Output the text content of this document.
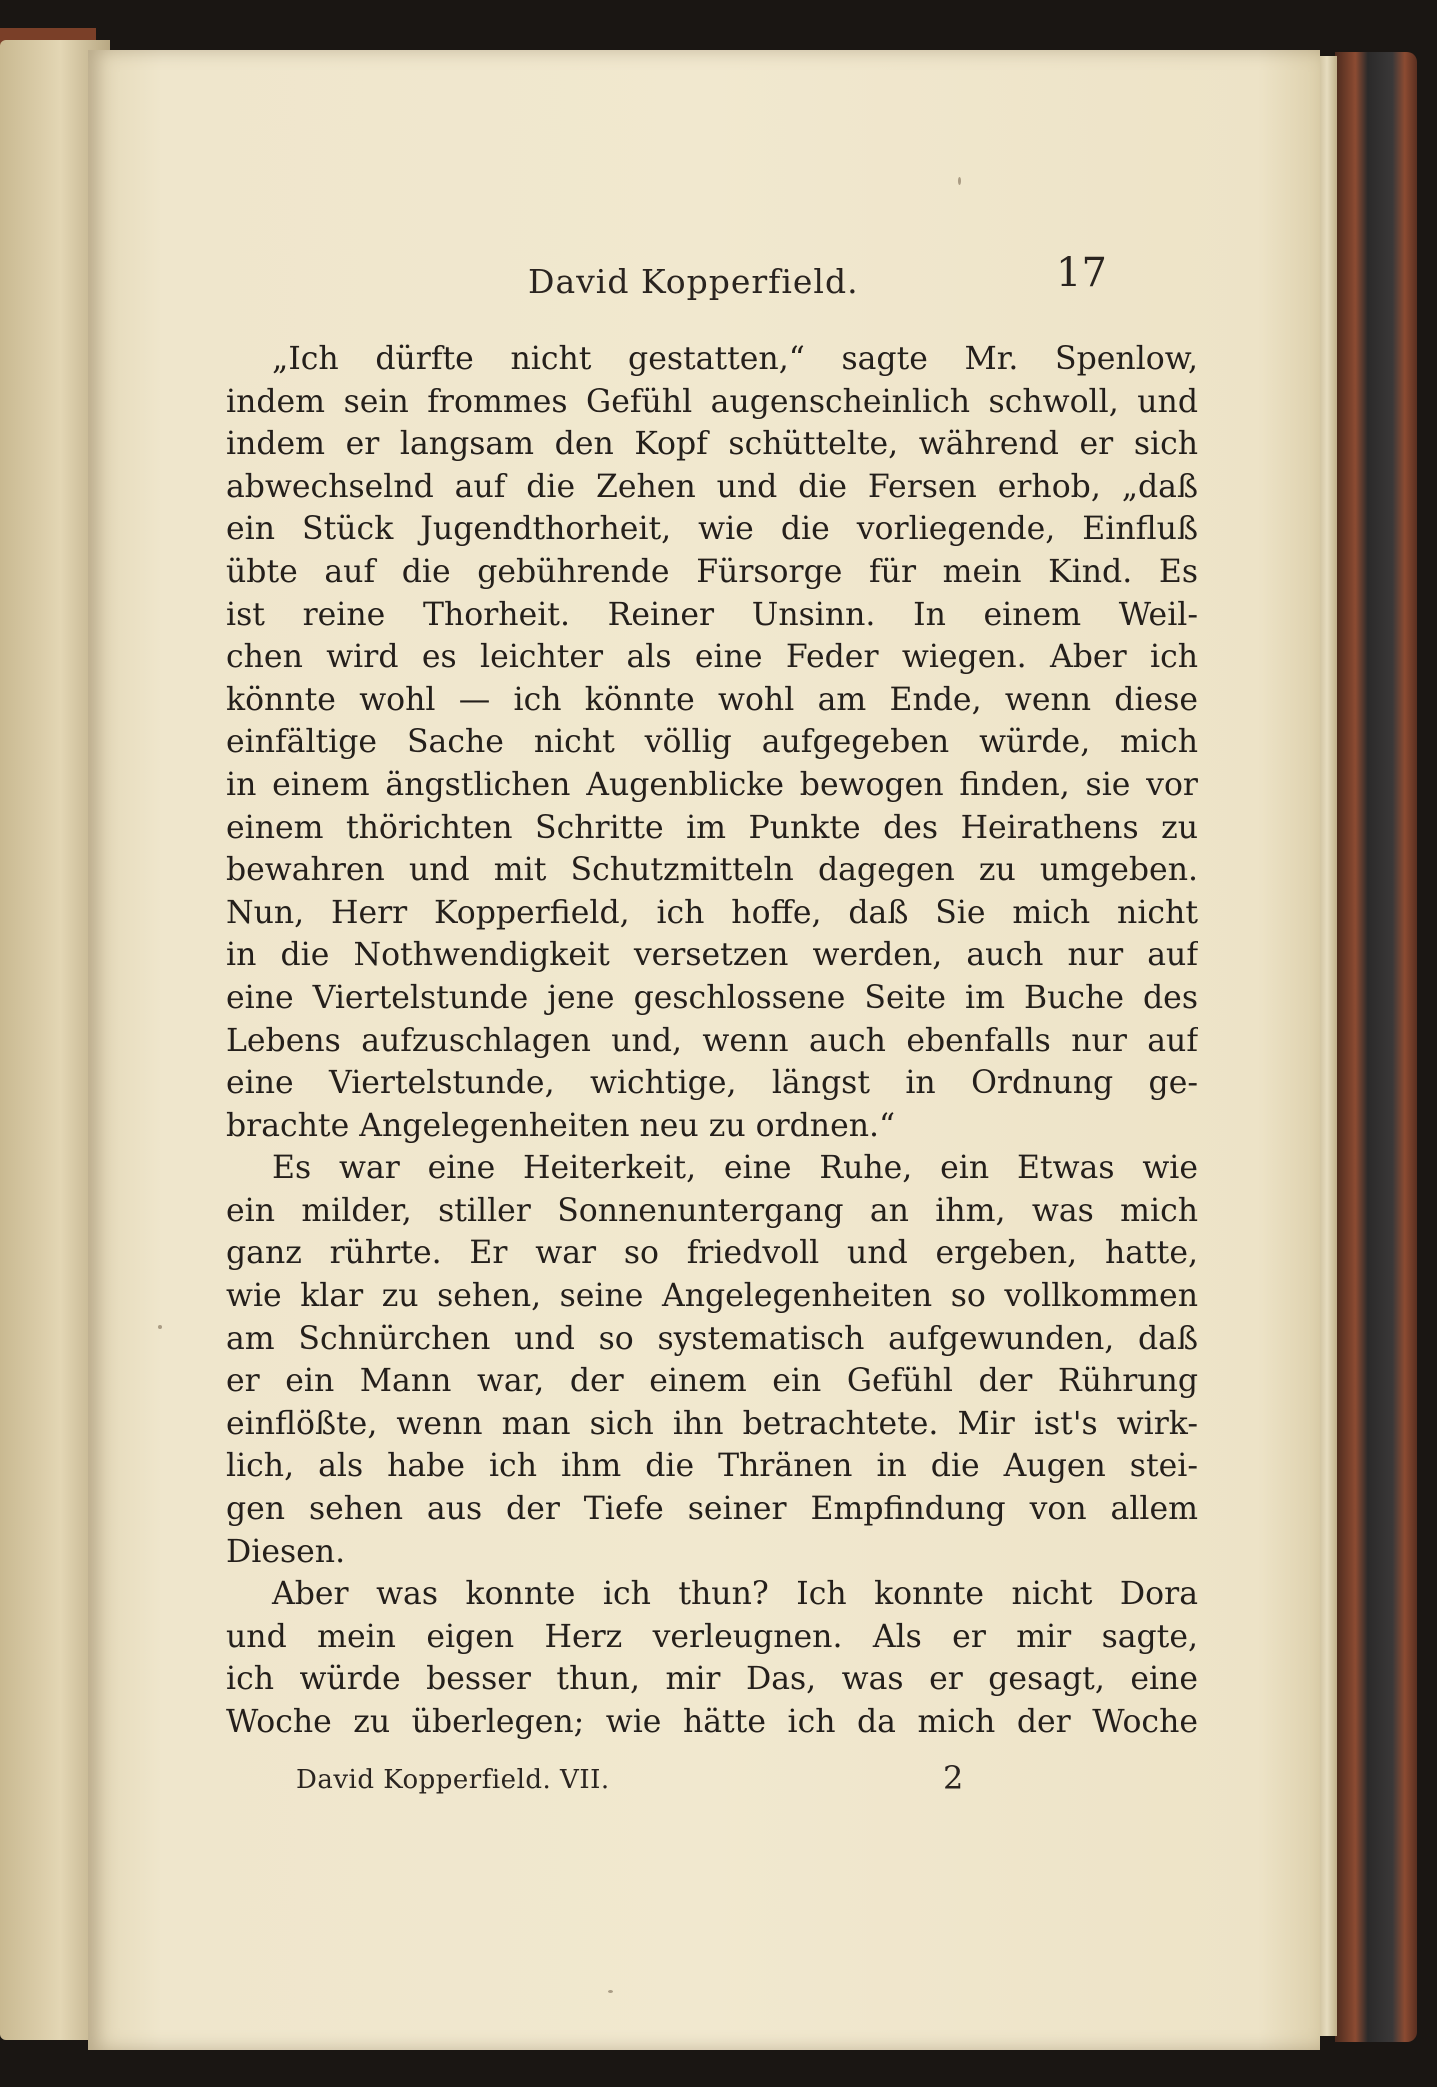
David Kopperfield.	17
„Ich dürfte nicht gestatten,“ sagte Mr. Spenlow,
indem sein frommes Gefühl augenscheinlich schwoll, und
indem er langsam den Kopf schüttelte, während er sich
abwechselnd auf die Zehen und die Fersen erhob, „daß
ein Stück Jugendthorheit, wie die vorliegende, Einfluß
übte auf die gebührende Fürsorge für mein Kind. Es
ist reine Thorheit. Reiner Unsinn. In einem Weil-
chen wird es leichter als eine Feder wiegen. Aber ich
könnte wohl — ich könnte wohl am Ende, wenn diese
einfältige Sache nicht völlig aufgegeben würde, mich
in einem ängstlichen Augenblicke bewogen finden, sie vor
einem thörichten Schritte im Punkte des Heirathens zu
bewahren und mit Schutzmitteln dagegen zu umgeben.
Nun, Herr Kopperfield, ich hoffe, daß Sie mich nicht
in die Nothwendigkeit versetzen werden, auch nur auf
eine Viertelstunde jene geschlossene Seite im Buche des
Lebens aufzuschlagen und, wenn auch ebenfalls nur auf
eine Viertelstunde, wichtige, längst in Ordnung ge-
brachte Angelegenheiten neu zu ordnen.“
Es war eine Heiterkeit, eine Ruhe, ein Etwas wie
ein milder, stiller Sonnenuntergang an ihm, was mich
ganz rührte. Er war so friedvoll und ergeben, hatte,
wie klar zu sehen, seine Angelegenheiten so vollkommen
am Schnürchen und so systematisch aufgewunden, daß
er ein Mann war, der einem ein Gefühl der Rührung
einflößte, wenn man sich ihn betrachtete. Mir ist's wirk-
lich, als habe ich ihm die Thränen in die Augen stei-
gen sehen aus der Tiefe seiner Empfindung von allem
Diesen.
Aber was konnte ich thun? Ich konnte nicht Dora
und mein eigen Herz verleugnen. Als er mir sagte,
ich würde besser thun, mir Das, was er gesagt, eine
Woche zu überlegen; wie hätte ich da mich der Woche
David Kopperfield. VII.	2
